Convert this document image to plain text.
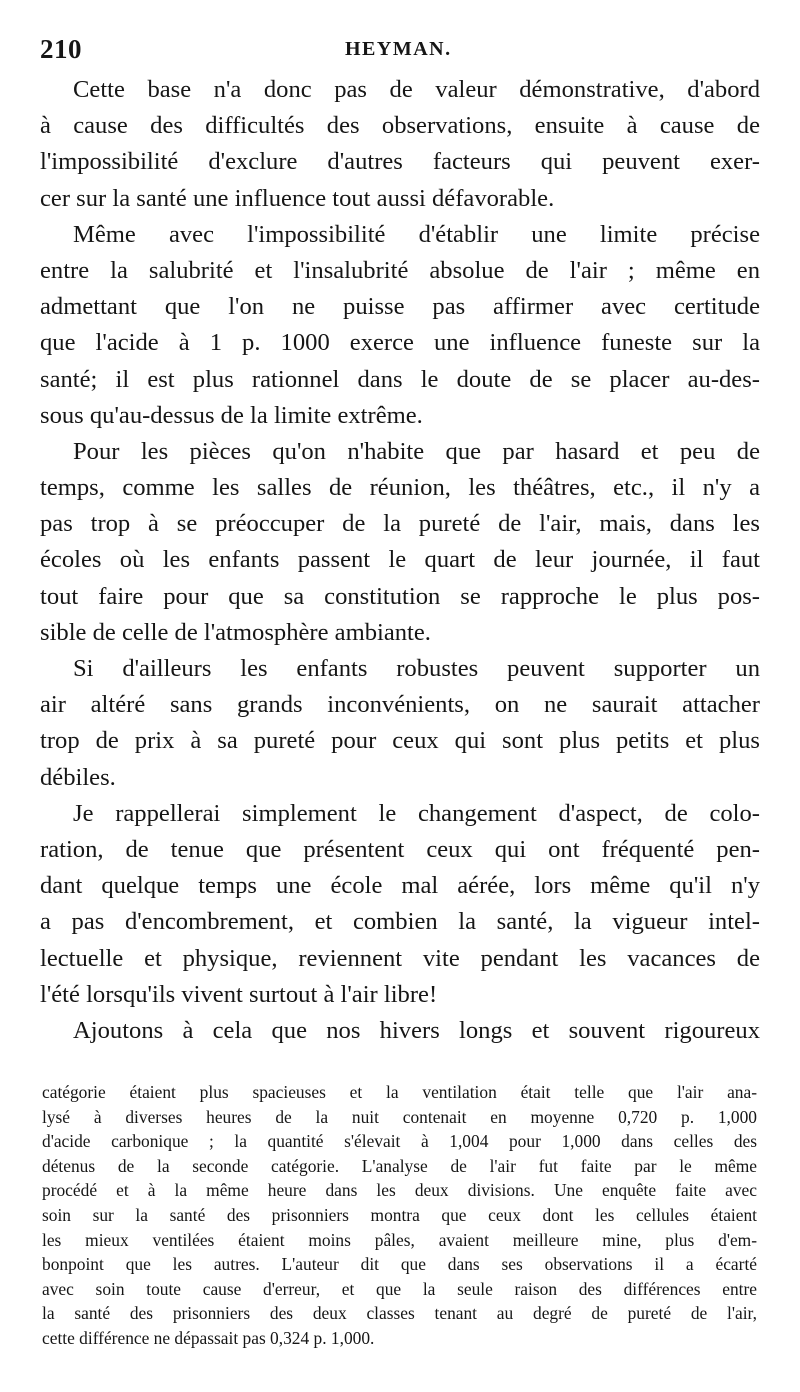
210	HEYMAN.
Cette base n'a donc pas de valeur démonstrative, d'abord
à cause des difficultés des observations, ensuite à cause de
l'impossibilité d'exclure d'autres facteurs qui peuvent exer-
cer sur la santé une influence tout aussi défavorable.
Même avec l'impossibilité d'établir une limite précise
entre la salubrité et l'insalubrité absolue de l'air ; même en
admettant que l'on ne puisse pas affirmer avec certitude
que l'acide à 1 p. 1000 exerce une influence funeste sur la
santé; il est plus rationnel dans le doute de se placer au-des-
sous qu'au-dessus de la limite extrême.
Pour les pièces qu'on n'habite que par hasard et peu de
temps, comme les salles de réunion, les théâtres, etc., il n'y a
pas trop à se préoccuper de la pureté de l'air, mais, dans les
écoles où les enfants passent le quart de leur journée, il faut
tout faire pour que sa constitution se rapproche le plus pos-
sible de celle de l'atmosphère ambiante.
Si d'ailleurs les enfants robustes peuvent supporter un
air altéré sans grands inconvénients, on ne saurait attacher
trop de prix à sa pureté pour ceux qui sont plus petits et plus
débiles.
Je rappellerai simplement le changement d'aspect, de colo-
ration, de tenue que présentent ceux qui ont fréquenté pen-
dant quelque temps une école mal aérée, lors même qu'il n'y
a pas d'encombrement, et combien la santé, la vigueur intel-
lectuelle et physique, reviennent vite pendant les vacances de
l'été lorsqu'ils vivent surtout à l'air libre!
Ajoutons à cela que nos hivers longs et souvent rigoureux
catégorie étaient plus spacieuses et la ventilation était telle que l'air ana-
lysé à diverses heures de la nuit contenait en moyenne 0,720 p. 1,000
d'acide carbonique ; la quantité s'élevait à 1,004 pour 1,000 dans celles des
détenus de la seconde catégorie. L'analyse de l'air fut faite par le même
procédé et à la même heure dans les deux divisions. Une enquête faite avec
soin sur la santé des prisonniers montra que ceux dont les cellules étaient
les mieux ventilées étaient moins pâles, avaient meilleure mine, plus d'em-
bonpoint que les autres. L'auteur dit que dans ses observations il a écarté
avec soin toute cause d'erreur, et que la seule raison des différences entre
la santé des prisonniers des deux classes tenant au degré de pureté de l'air,
cette différence ne dépassait pas 0,324 p. 1,000.
